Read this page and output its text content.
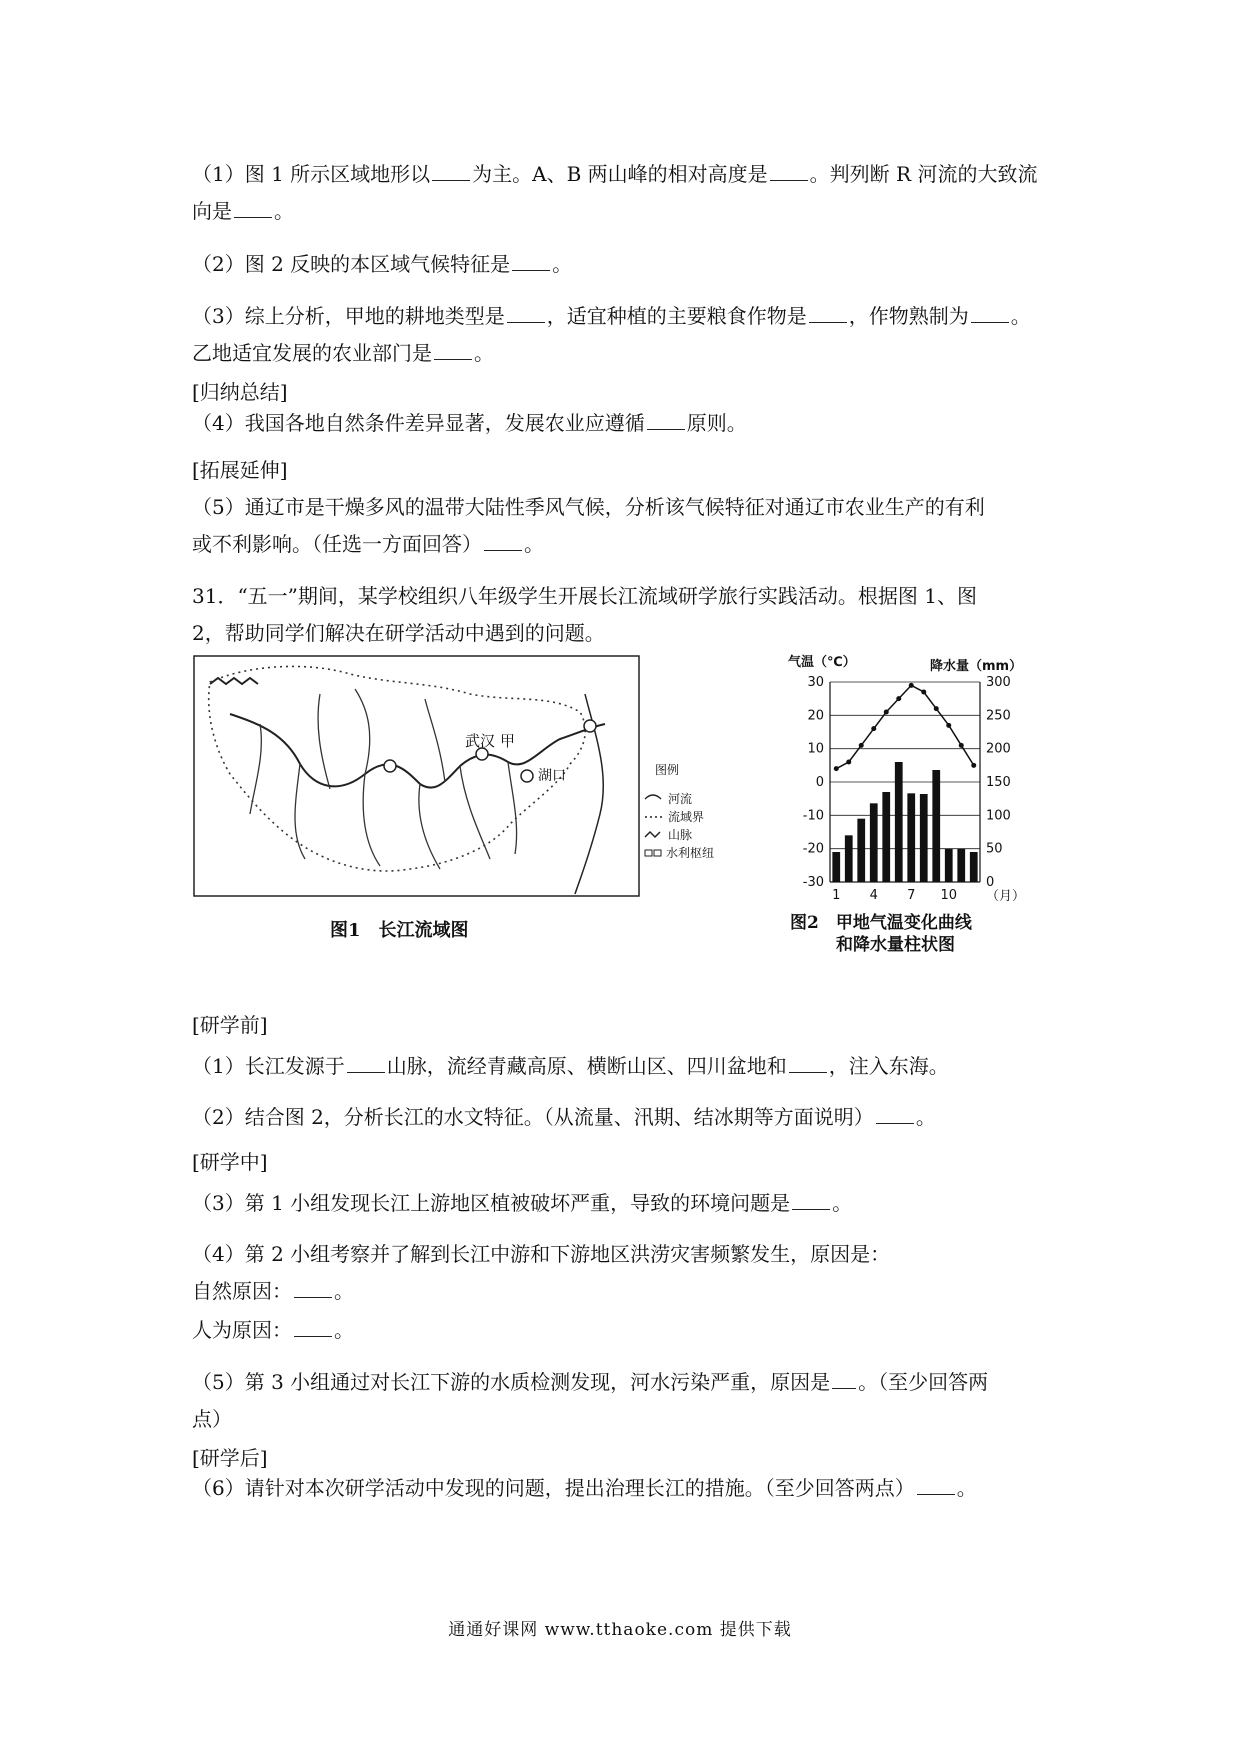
（1）图 1 所示区域地形以 为主。A、B 两山峰的相对高度是 。判列断 R 河流的大致流
向是 。
（2）图 2 反映的本区域气候特征是 。
（3）综上分析，甲地的耕地类型是 ，适宜种植的主要粮食作物是 ，作物熟制为 。
乙地适宜发展的农业部门是 。
[归纳总结]
（4）我国各地自然条件差异显著，发展农业应遵循 原则。
[拓展延伸]
（5）通辽市是干燥多风的温带大陆性季风气候，分析该气候特征对通辽市农业生产的有利
或不利影响。（任选一方面回答） 。
31．“五一”期间，某学校组织八年级学生开展长江流域研学旅行实践活动。根据图 1、图
2，帮助同学们解决在研学活动中遇到的问题。
武汉 甲
湖口	图例
河流
流域界
山脉
水利枢纽
图1　长江流域图
气温（℃）	降水量（mm）
30
20
10
0
-10
-20
-30
300
250
200
150
100
50
0
1 4 7 10 （月）
图2　甲地气温变化曲线
和降水量柱状图
[研学前]
（1）长江发源于 山脉，流经青藏高原、横断山区、四川盆地和 ，注入东海。
（2）结合图 2，分析长江的水文特征。（从流量、汛期、结冰期等方面说明） 。
[研学中]
（3）第 1 小组发现长江上游地区植被破坏严重，导致的环境问题是 。
（4）第 2 小组考察并了解到长江中游和下游地区洪涝灾害频繁发生，原因是：
自然原因： 。
人为原因： 。
（5）第 3 小组通过对长江下游的水质检测发现，河水污染严重，原因是 。（至少回答两
点）
[研学后]
（6）请针对本次研学活动中发现的问题，提出治理长江的措施。（至少回答两点） 。
通通好课网 www.tthaoke.com 提供下载
